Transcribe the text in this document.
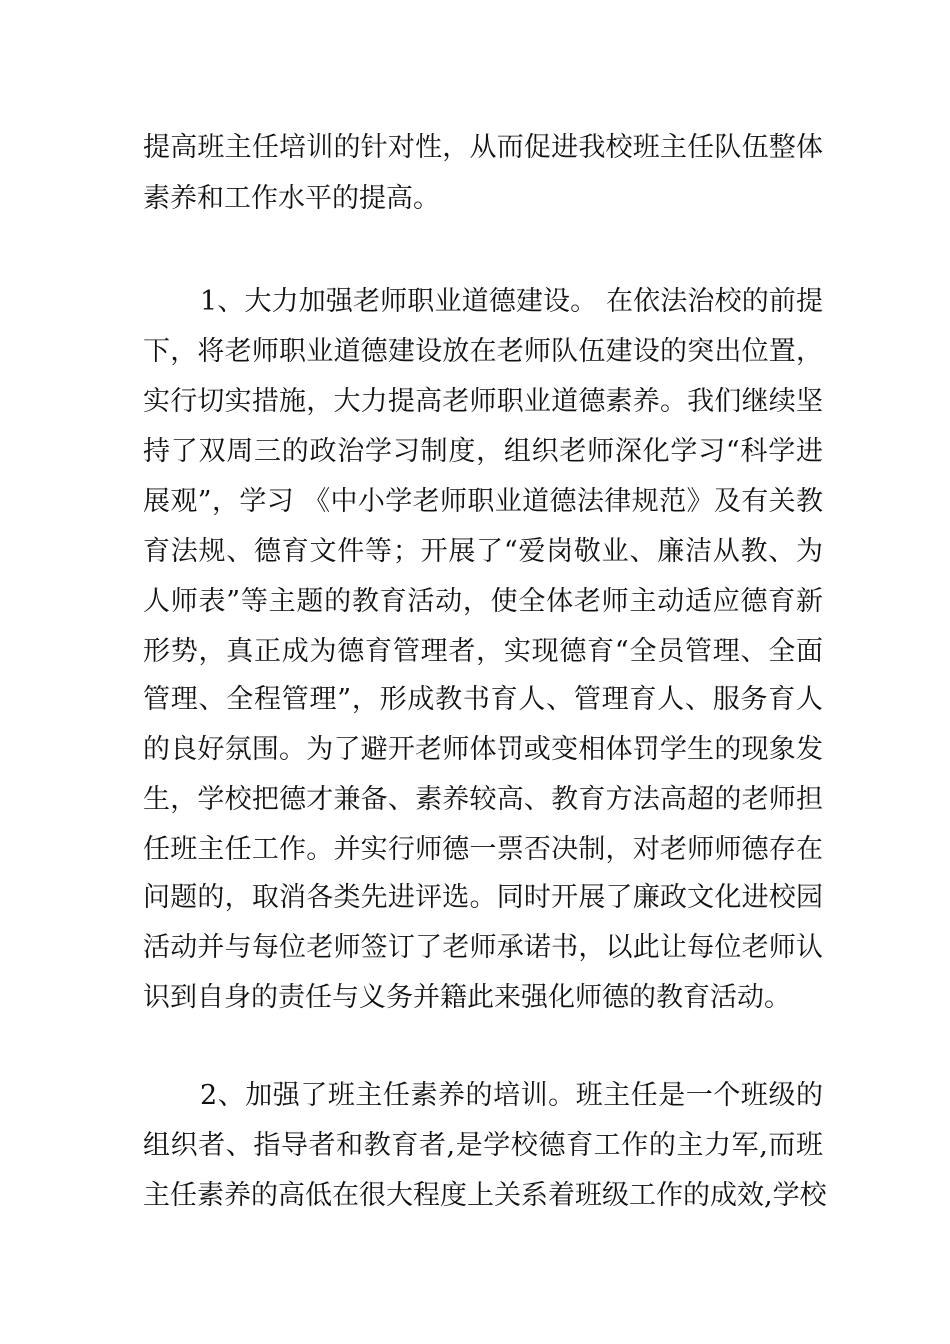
提高班主任培训的针对性，从而促进我校班主任队伍整体
素养和工作水平的提高。
1、大力加强老师职业道德建设。 在依法治校的前提
下，将老师职业道德建设放在老师队伍建设的突出位置，
实行切实措施，大力提高老师职业道德素养。我们继续坚
持了双周三的政治学习制度，组织老师深化学习“科学进
展观”，学习 《中小学老师职业道德法律规范》及有关教
育法规、德育文件等；开展了“爱岗敬业、廉洁从教、为
人师表”等主题的教育活动，使全体老师主动适应德育新
形势，真正成为德育管理者，实现德育“全员管理、全面
管理、全程管理”，形成教书育人、管理育人、服务育人
的良好氛围。为了避开老师体罚或变相体罚学生的现象发
生，学校把德才兼备、素养较高、教育方法高超的老师担
任班主任工作。并实行师德一票否决制，对老师师德存在
问题的，取消各类先进评选。同时开展了廉政文化进校园
活动并与每位老师签订了老师承诺书，以此让每位老师认
识到自身的责任与义务并籍此来强化师德的教育活动。
2、加强了班主任素养的培训。班主任是一个班级的
组织者、指导者和教育者,是学校德育工作的主力军,而班
主任素养的高低在很大程度上关系着班级工作的成效,学校
